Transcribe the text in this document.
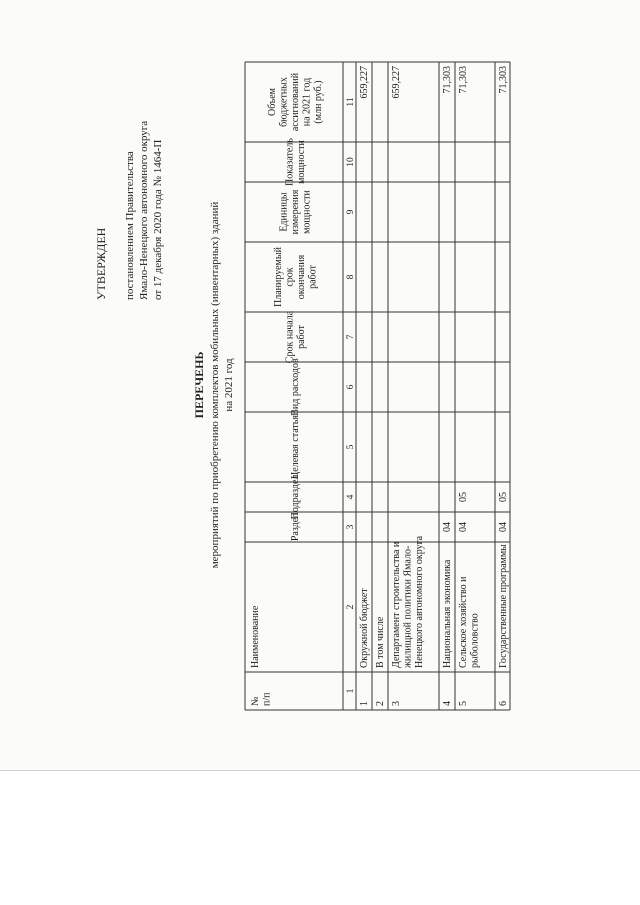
УТВЕРЖДЕН постановлением Правительства Ямало-Ненецкого автономного округа от 17 декабря 2020 года № 1464-П
ПЕРЕЧЕНЬ мероприятий по приобретению комплектов мобильных (инвентарных) зданий на 2021 год
№ п/п
Наименование
Раздел
Подраздел
Целевая статья
Вид расходов
Срок начала работ
Планируемый срок окончания работ
Единицы измерения мощности
Показатель мощности
Объем бюджетных ассигнований на 2021 год (млн руб.)
1
2
3
4
5
6
7
8
9
10
11
1
Окружной бюджет
659,227
2
В том числе
3
Департамент строительства и жилищной политики Ямало- Ненецкого автономного округа
659,227
4
Национальная экономика
04
71,303
5
Сельское хозяйство и рыболовство
04
05
71,303
6
Государственные программы
04
05
71,303
